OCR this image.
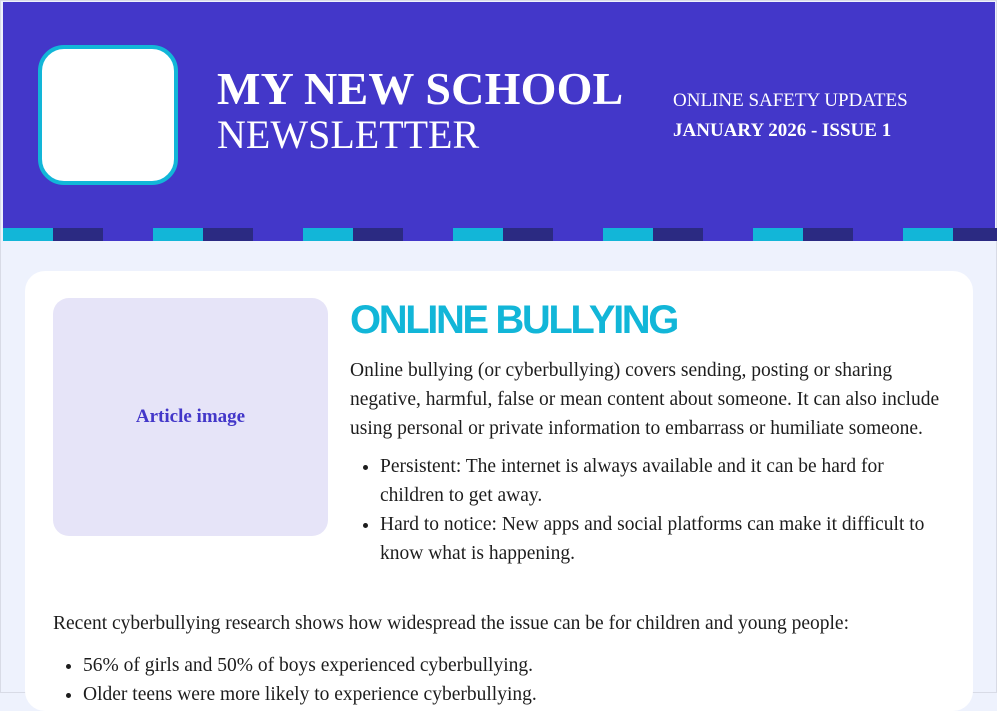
MY NEW SCHOOL
NEWSLETTER
ONLINE SAFETY UPDATES
JANUARY 2026 - ISSUE 1
Article image
ONLINE BULLYING

Online bullying (or cyberbullying) covers sending, posting or sharing negative, harmful, false or mean content about someone. It can also include using personal or private information to embarrass or humiliate someone.

• Persistent: The internet is always available and it can be hard for children to get away.
• Hard to notice: New apps and social platforms can make it difficult to know what is happening.

Recent cyberbullying research shows how widespread the issue can be for children and young people:

• 56% of girls and 50% of boys experienced cyberbullying.
• Older teens were more likely to experience cyberbullying.
